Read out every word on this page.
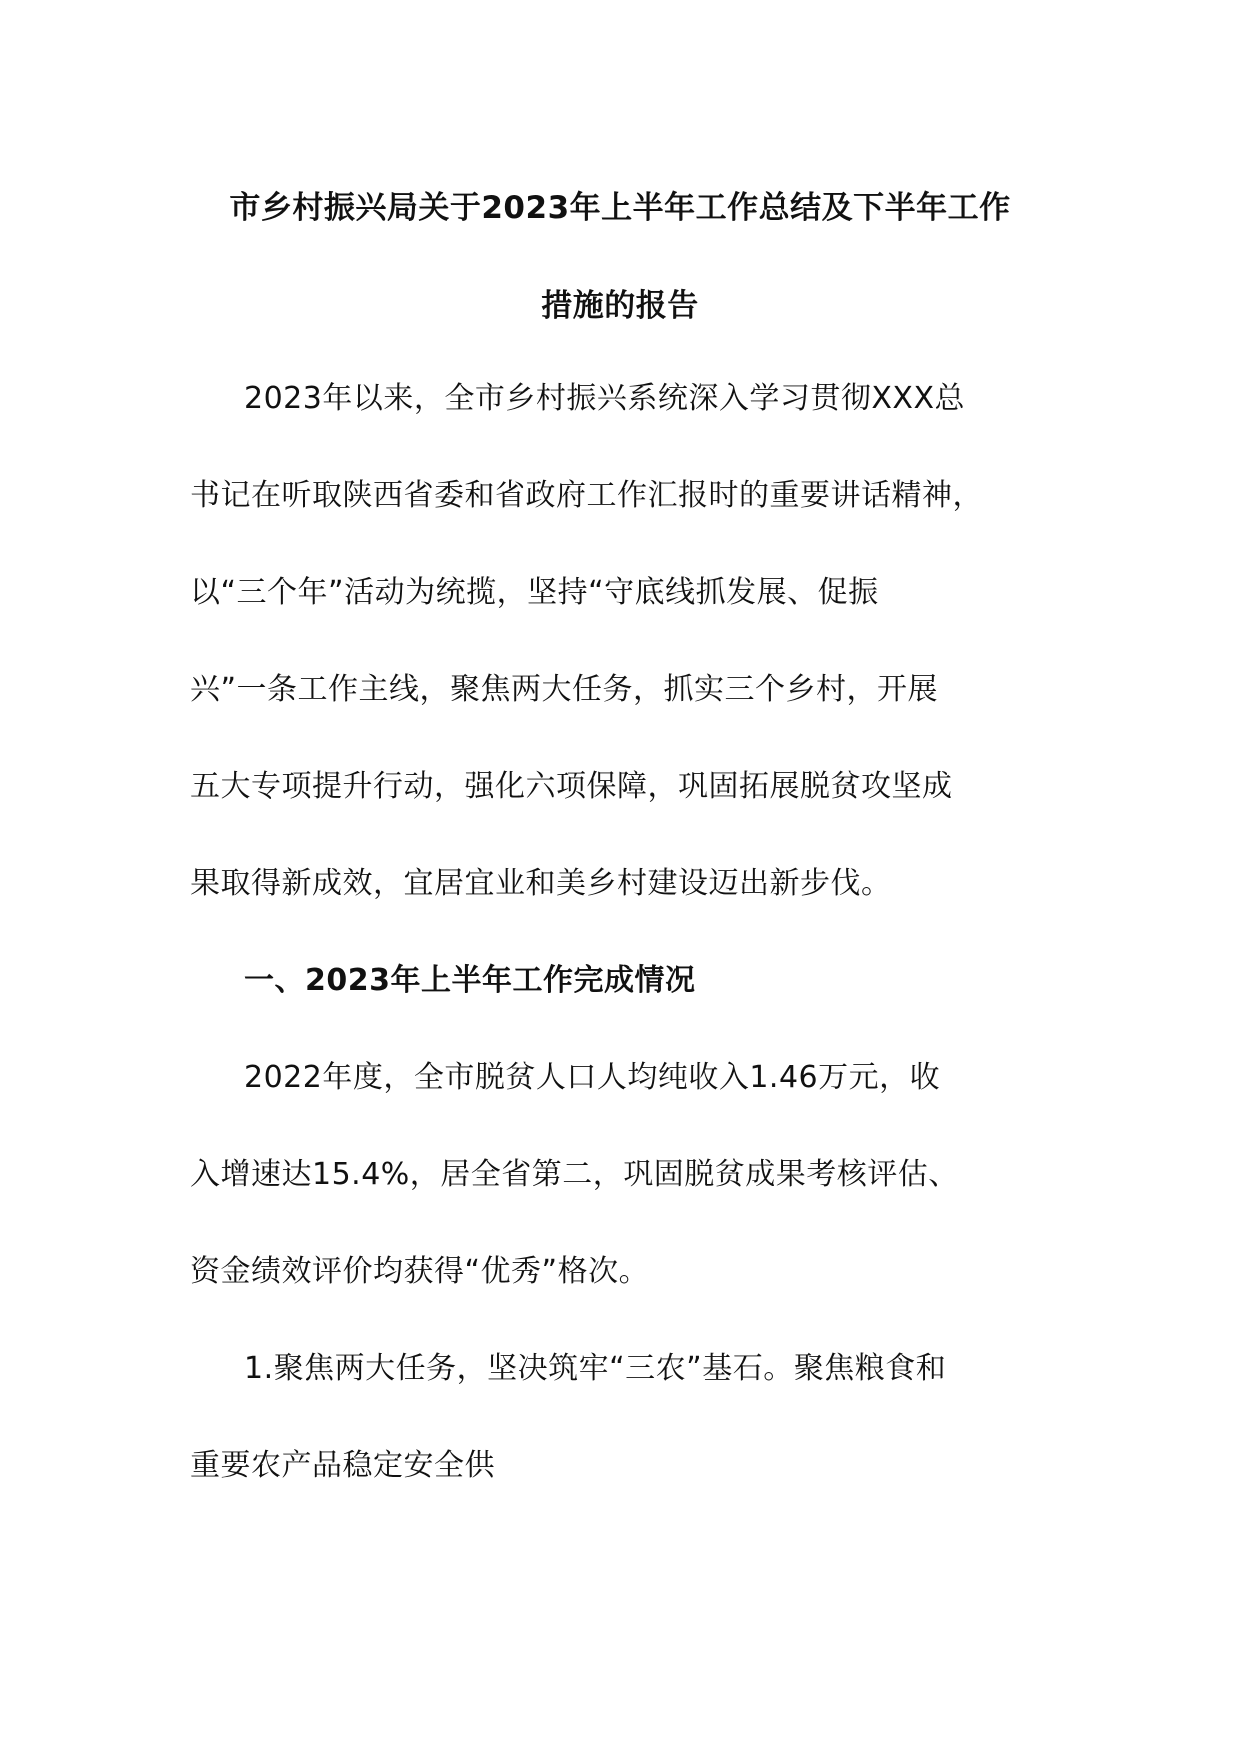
市乡村振兴局关于2023年上半年工作总结及下半年工作
措施的报告
2023年以来，全市乡村振兴系统深入学习贯彻XXX总
书记在听取陕西省委和省政府工作汇报时的重要讲话精神，
以“三个年”活动为统揽，坚持“守底线抓发展、促振
兴”一条工作主线，聚焦两大任务，抓实三个乡村，开展
五大专项提升行动，强化六项保障，巩固拓展脱贫攻坚成
果取得新成效，宜居宜业和美乡村建设迈出新步伐。
一、2023年上半年工作完成情况
2022年度，全市脱贫人口人均纯收入1.46万元，收
入增速达15.4%，居全省第二，巩固脱贫成果考核评估、
资金绩效评价均获得“优秀”格次。
1.聚焦两大任务，坚决筑牢“三农”基石。聚焦粮食和
重要农产品稳定安全供
